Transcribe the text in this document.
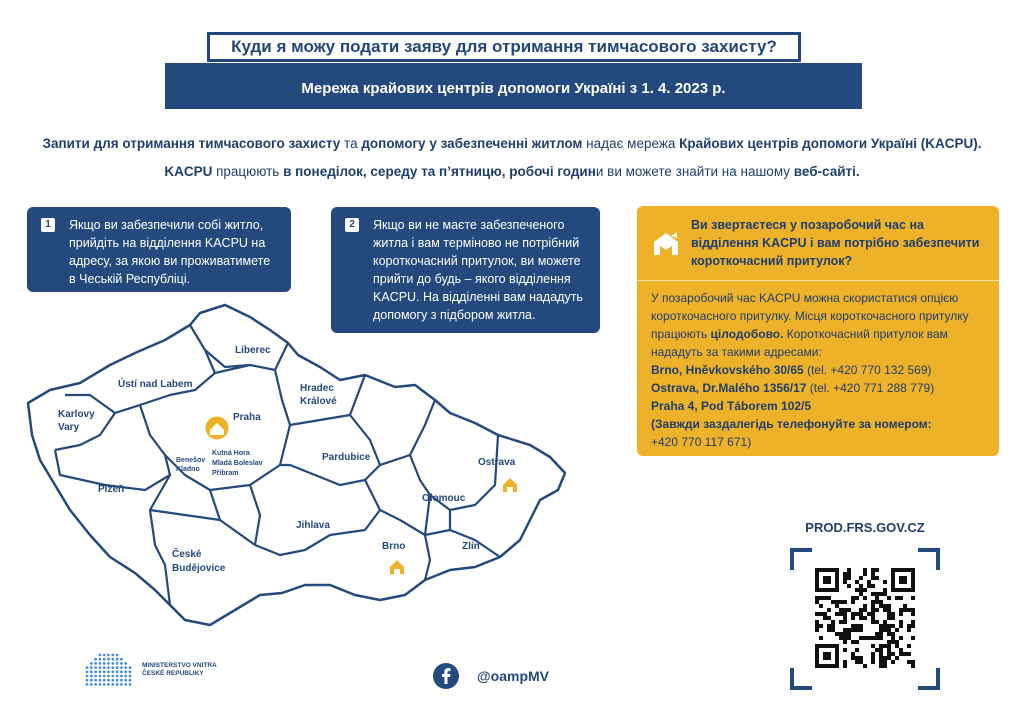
Куди я можу подати заяву для отримання тимчасового захисту?
Мережа крайових центрів допомоги Україні з 1. 4. 2023 р.
Запити для отримання тимчасового захисту та допомогу у забезпеченні житлом надає мережа Крайових центрів допомоги Україні (KACPU).
KACPU працюють в понеділок, середу та п’ятницю, робочі години ви можете знайти на нашому веб-сайті.
1	Якщо ви забезпечили собі житло, прийдіть на відділення KACPU на адресу, за якою ви проживатимете в Чеській Республіці.
2	Якщо ви не маєте забезпеченого житла і вам терміново не потрібний короткочасний притулок, ви можете прийти до будь – якого відділення KACPU. На відділенні вам нададуть допомогу з підбором житла.
Ви звертаєтеся у позаробочий час на відділення KACPU і вам потрібно забезпечити короткочасний притулок?
У позаробочий час KACPU можна скористатися опцією короткочасного притулку. Місця короткочасного притулку працюють цілодобово. Короткочасний притулок вам нададуть за такими адресами:
Brno, Hněvkovského 30/65 (tel. +420 770 132 569)
Ostrava, Dr.Malého 1356/17 (tel. +420 771 288 779)
Praha 4, Pod Táborem 102/5
(Завжди заздалегідь телефонуйте за номером:
+420 770 117 671)
Liberec
Ústí nad Labem
Karlovy
Vary
Hradec
Králové
Praha
Benešov
Kladno
Kutná Hora
Mladá Boleslav
Příbram
Pardubice	Ostrava
Plzeň
Olomouc
Jihlava
Brno	Zlín
České
Budějovice
PROD.FRS.GOV.CZ
MINISTERSTVO VNITRA
ČESKÉ REPUBLIKY	@oampMV
